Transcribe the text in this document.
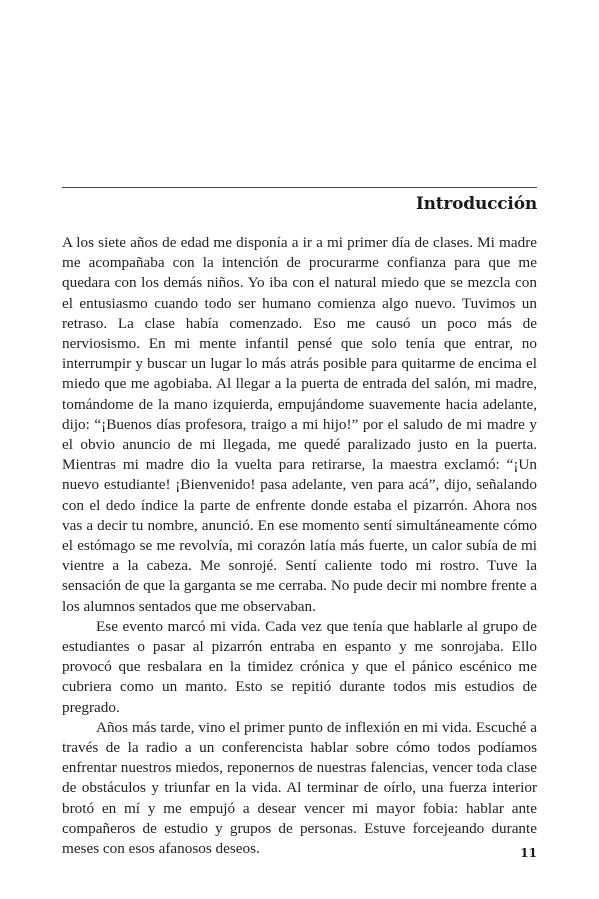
Introducción

A los siete años de edad me disponía a ir a mi primer día de clases. Mi madre me acompañaba con la intención de procurarme confianza para que me quedara con los demás niños. Yo iba con el natural miedo que se mezcla con el entusiasmo cuando todo ser humano comienza algo nuevo. Tuvimos un retraso. La clase había comenzado. Eso me causó un poco más de nerviosismo. En mi mente infantil pensé que solo tenía que entrar, no interrumpir y buscar un lugar lo más atrás posible para quitarme de encima el miedo que me agobiaba. Al llegar a la puerta de entrada del salón, mi madre, tomándome de la mano izquierda, empujándome suavemente hacia adelante, dijo: “¡Buenos días profesora, traigo a mi hijo!” por el saludo de mi madre y el obvio anuncio de mi llegada, me quedé paralizado justo en la puerta. Mientras mi madre dio la vuelta para retirarse, la maestra exclamó: “¡Un nuevo estudiante! ¡Bienvenido! pasa adelante, ven para acá”, dijo, señalando con el dedo índice la parte de enfrente donde estaba el pizarrón. Ahora nos vas a decir tu nombre, anunció. En ese momento sentí simultáneamente cómo el estómago se me revolvía, mi corazón latía más fuerte, un calor subía de mi vientre a la cabeza. Me sonrojé. Sentí caliente todo mi rostro. Tuve la sensación de que la garganta se me cerraba. No pude decir mi nombre frente a los alumnos sentados que me observaban.

Ese evento marcó mi vida. Cada vez que tenía que hablarle al grupo de estudiantes o pasar al pizarrón entraba en espanto y me sonrojaba. Ello provocó que resbalara en la timidez crónica y que el pánico escénico me cubriera como un manto. Esto se repitió durante todos mis estudios de pregrado.

Años más tarde, vino el primer punto de inflexión en mi vida. Escuché a través de la radio a un conferencista hablar sobre cómo todos podíamos enfrentar nuestros miedos, reponernos de nuestras falencias, vencer toda clase de obstáculos y triunfar en la vida. Al terminar de oírlo, una fuerza interior brotó en mí y me empujó a desear vencer mi mayor fobia: hablar ante compañeros de estudio y grupos de personas. Estuve forcejeando durante meses con esos afanosos deseos.	11
